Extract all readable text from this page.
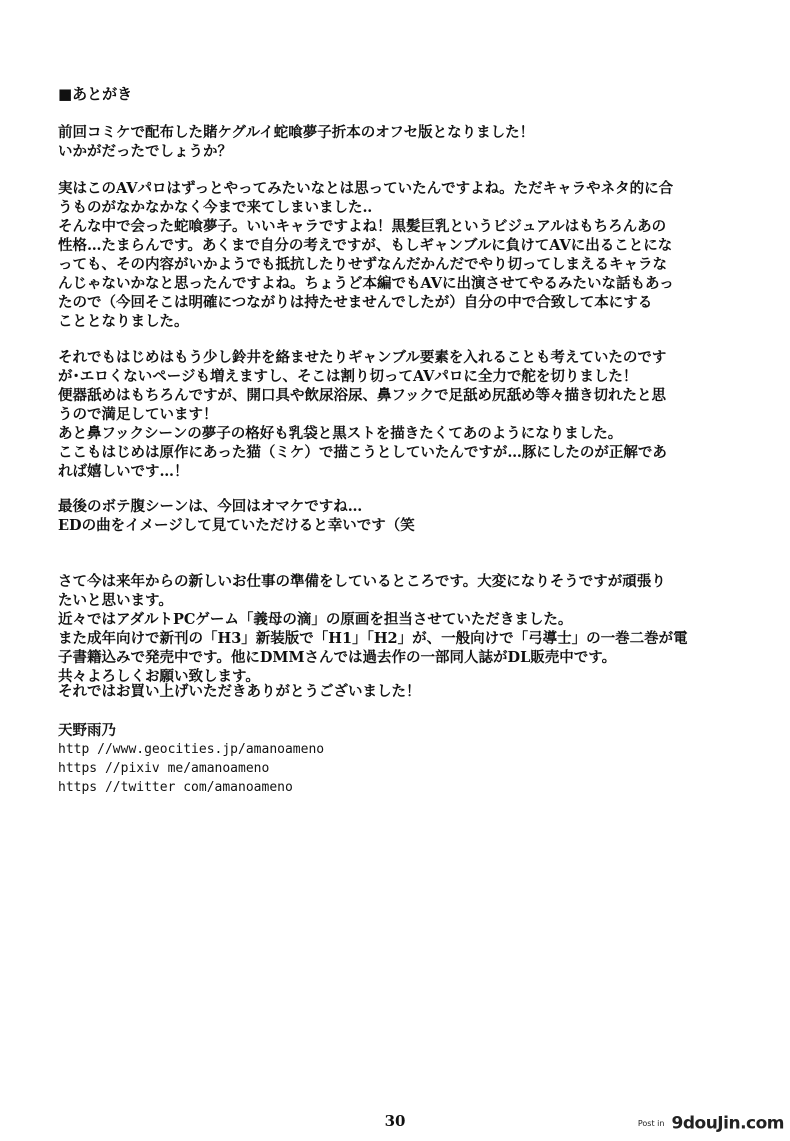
■あとがき
前回コミケで配布した賭ケグルイ蛇喰夢子折本のオフセ版となりました！
いかがだったでしょうか？
実はこのAVパロはずっとやってみたいなとは思っていたんですよね。ただキャラやネタ的に合
うものがなかなかなく今まで来てしまいました‥
そんな中で会った蛇喰夢子。いいキャラですよね！黒髪巨乳というビジュアルはもちろんあの
性格…たまらんです。あくまで自分の考えですが、もしギャンブルに負けてAVに出ることにな
っても、その内容がいかようでも抵抗したりせずなんだかんだでやり切ってしまえるキャラな
んじゃないかなと思ったんですよね。ちょうど本編でもAVに出演させてやるみたいな話もあっ
たので（今回そこは明確につながりは持たせませんでしたが）自分の中で合致して本にする
こととなりました。
それでもはじめはもう少し鈴井を絡ませたりギャンブル要素を入れることも考えていたのです
が･エロくないページも増えますし、そこは割り切ってAVパロに全力で舵を切りました！
便器舐めはもちろんですが、開口具や飲尿浴尿、鼻フックで足舐め尻舐め等々描き切れたと思
うので満足しています！
あと鼻フックシーンの夢子の格好も乳袋と黒ストを描きたくてあのようになりました。
ここもはじめは原作にあった猫（ミケ）で描こうとしていたんですが…豚にしたのが正解であ
れば嬉しいです…！
最後のボテ腹シーンは、今回はオマケですね…
EDの曲をイメージして見ていただけると幸いです（笑
さて今は来年からの新しいお仕事の準備をしているところです。大変になりそうですが頑張り
たいと思います。
近々ではアダルトPCゲーム「義母の滴」の原画を担当させていただきました。
また成年向けで新刊の「H3」新装版で「H1」「H2」が、一般向けで「弓導士」の一巻二巻が電
子書籍込みで発売中です。他にDMMさんでは過去作の一部同人誌がDL販売中です。
共々よろしくお願い致します。
それではお買い上げいただきありがとうございました！
天野雨乃
http //www.geocities.jp/amanoameno
https //pixiv me/amanoameno
https //twitter com/amanoameno
30	Post in 9douJin.com
